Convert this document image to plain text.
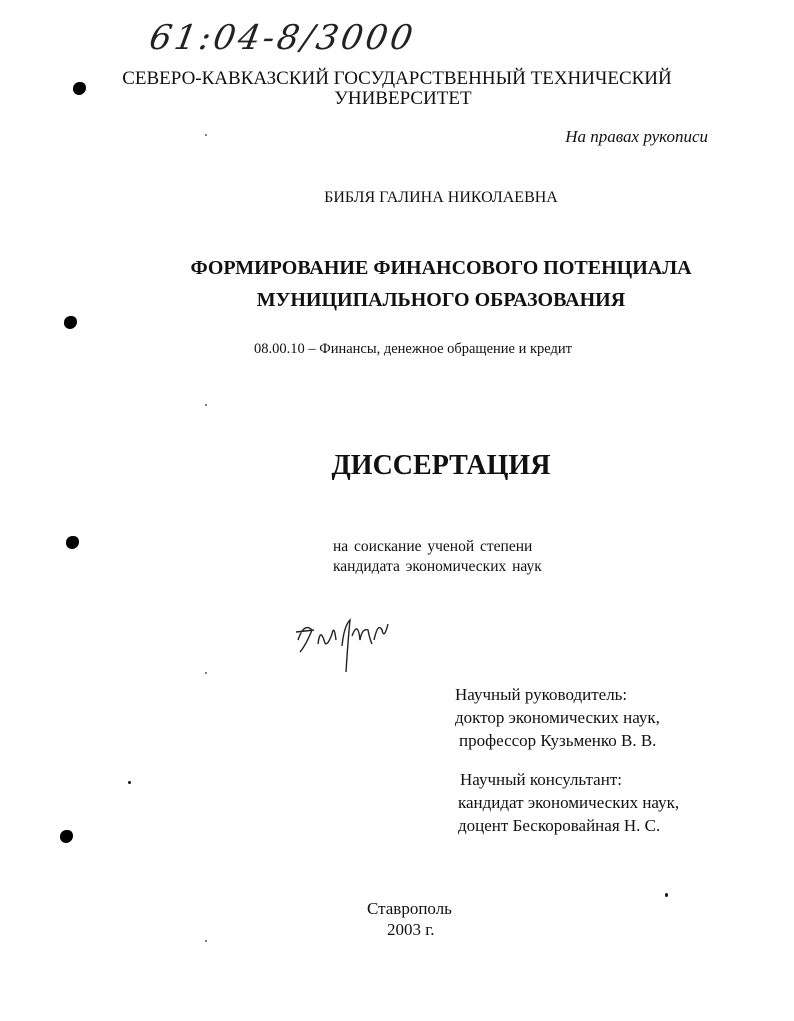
61:04-8/3000
СЕВЕРО-КАВКАЗСКИЙ ГОСУДАРСТВЕННЫЙ ТЕХНИЧЕСКИЙ
УНИВЕРСИТЕТ
На правах рукописи
БИБЛЯ ГАЛИНА НИКОЛАЕВНА
ФОРМИРОВАНИЕ ФИНАНСОВОГО ПОТЕНЦИАЛА
МУНИЦИПАЛЬНОГО ОБРАЗОВАНИЯ
08.00.10 – Финансы, денежное обращение и кредит
ДИССЕРТАЦИЯ
на соискание ученой степени
кандидата экономических наук
Научный руководитель:
доктор экономических наук,
профессор Кузьменко В. В.
Научный консультант:
кандидат экономических наук,
доцент Бескоровайная Н. С.
Ставрополь
2003 г.
